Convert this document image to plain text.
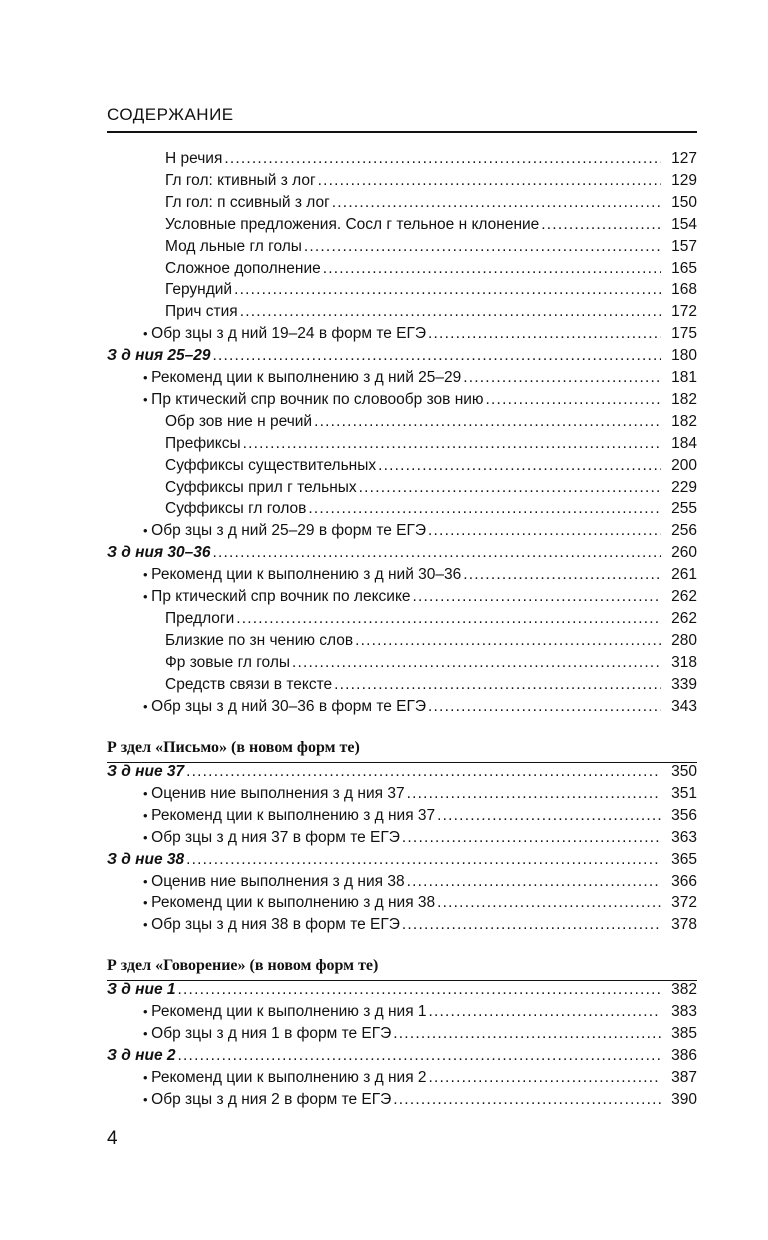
СОДЕРЖАНИЕ
Н речия .....	127
Гл гол: ктивный з лог .....	129
Гл гол: п ссивный з лог .....	150
Условные предложения. Сосл г тельное н клонение .....	154
Мод льные гл голы .....	157
Сложное дополнение .....	165
Герундий .....	168
Прич стия .....	172
• Обр зцы з д ний 19–24 в форм те ЕГЭ .....	175
З д ния 25–29 .....	180
• Рекоменд ции к выполнению з д ний 25–29 .....	181
• Пр ктический спр вочник по словообр зов нию .....	182
Обр зов ние н речий .....	182
Префиксы .....	184
Суффиксы существительных .....	200
Суффиксы прил г тельных .....	229
Суффиксы гл голов .....	255
• Обр зцы з д ний 25–29 в форм те ЕГЭ .....	256
З д ния 30–36 .....	260
• Рекоменд ции к выполнению з д ний 30–36 .....	261
• Пр ктический спр вочник по лексике .....	262
Предлоги .....	262
Близкие по зн чению слов .....	280
Фр зовые гл голы .....	318
Средств связи в тексте .....	339
• Обр зцы з д ний 30–36 в форм те ЕГЭ .....	343
Р здел «Письмо» (в новом форм те)
З д ние 37 .....	350
• Оценив ние выполнения з д ния 37 .....	351
• Рекоменд ции к выполнению з д ния 37 .....	356
• Обр зцы з д ния 37 в форм те ЕГЭ .....	363
З д ние 38 .....	365
• Оценив ние выполнения з д ния 38 .....	366
• Рекоменд ции к выполнению з д ния 38 .....	372
• Обр зцы з д ния 38 в форм те ЕГЭ .....	378
Р здел «Говорение» (в новом форм те)
З д ние 1 .....	382
• Рекоменд ции к выполнению з д ния 1 .....	383
• Обр зцы з д ния 1 в форм те ЕГЭ .....	385
З д ние 2 .....	386
• Рекоменд ции к выполнению з д ния 2 .....	387
• Обр зцы з д ния 2 в форм те ЕГЭ .....	390
4
